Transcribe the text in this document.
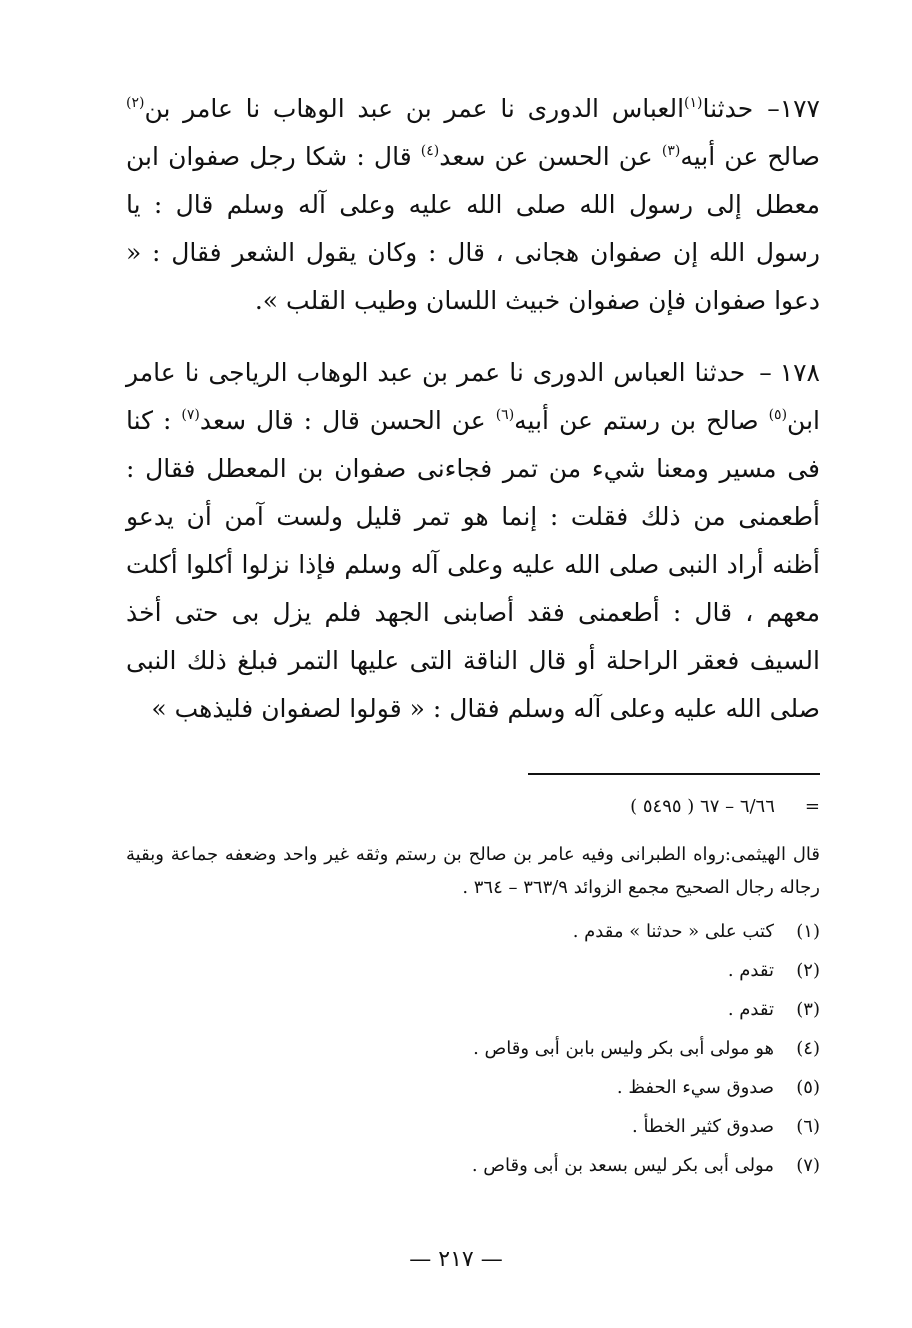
١٧٧–حدثنا$^{(١)}$العباس الدورى نا عمر بن عبد الوهاب نا عامر بن$^{(٢)}$ صالح عن أبيه$^{(٣)}$ عن الحسن عن سعد$^{(٤)}$ قال : شكا رجل صفوان ابن معطل إلى رسول الله صلى الله عليه وعلى آله وسلم قال : يا رسول الله إن صفوان هجانى ، قال : وكان يقول الشعر فقال : « دعوا صفوان فإن صفوان خبيث اللسان وطيب القلب ».
١٧٨ –حدثنا العباس الدورى نا عمر بن عبد الوهاب الرياجى نا عامر ابن$^{(٥)}$ صالح بن رستم عن أبيه$^{(٦)}$ عن الحسن قال : قال سعد$^{(٧)}$ : كنا فى مسير ومعنا شيء من تمر فجاءنى صفوان بن المعطل فقال : أطعمنى من ذلك فقلت : إنما هو تمر قليل ولست آمن أن يدعو أظنه أراد النبى صلى الله عليه وعلى آله وسلم فإذا نزلوا أكلوا أكلت معهم ، قال : أطعمنى فقد أصابنى الجهد فلم يزل بى حتى أخذ السيف فعقر الراحلة أو قال الناقة التى عليها التمر فبلغ ذلك النبى صلى الله عليه وعلى آله وسلم فقال : « قولوا لصفوان فليذهب »
=٦/٦٦ – ٦٧ ( ٥٤٩٥ )
قال الهيثمى:رواه الطبرانى وفيه عامر بن صالح بن رستم وثقه غير واحد وضعفه جماعة وبقية رجاله رجال الصحيح مجمع الزوائد ٣٦٣/٩ – ٣٦٤ .
(١)كتب على « حدثنا » مقدم .
(٢)تقدم .
(٣)تقدم .
(٤)هو مولى أبى بكر وليس بابن أبى وقاص .
(٥)صدوق سيء الحفظ .
(٦)صدوق كثير الخطأ .
(٧)مولى أبى بكر ليس بسعد بن أبى وقاص .
— ٢١٧ —
